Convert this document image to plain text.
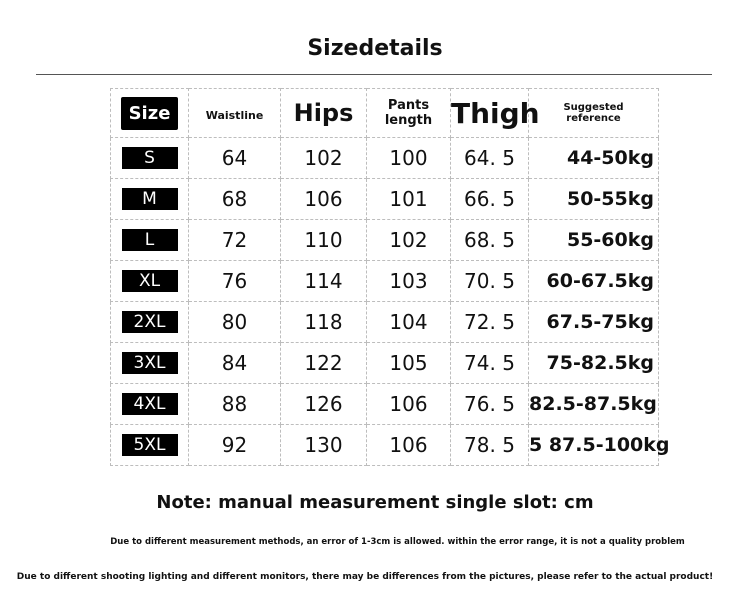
Sizedetails
Size	Waistline	Hips	Pants length	Thigh	Suggested reference

S	64	102	100	64. 5	44-50kg
M	68	106	101	66. 5	50-55kg
L	72	110	102	68. 5	55-60kg
XL	76	114	103	70. 5	60-67.5kg
2XL	80	118	104	72. 5	67.5-75kg
3XL	84	122	105	74. 5	75-82.5kg
4XL	88	126	106	76. 5	82.5-87.5kg
5XL	92	130	106	78. 5	5 87.5-100kg
Note: manual measurement single slot: cm
Due to different measurement methods, an error of 1-3cm is allowed. within the error range, it is not a quality problem
Due to different shooting lighting and different monitors, there may be differences from the pictures, please refer to the actual product!
